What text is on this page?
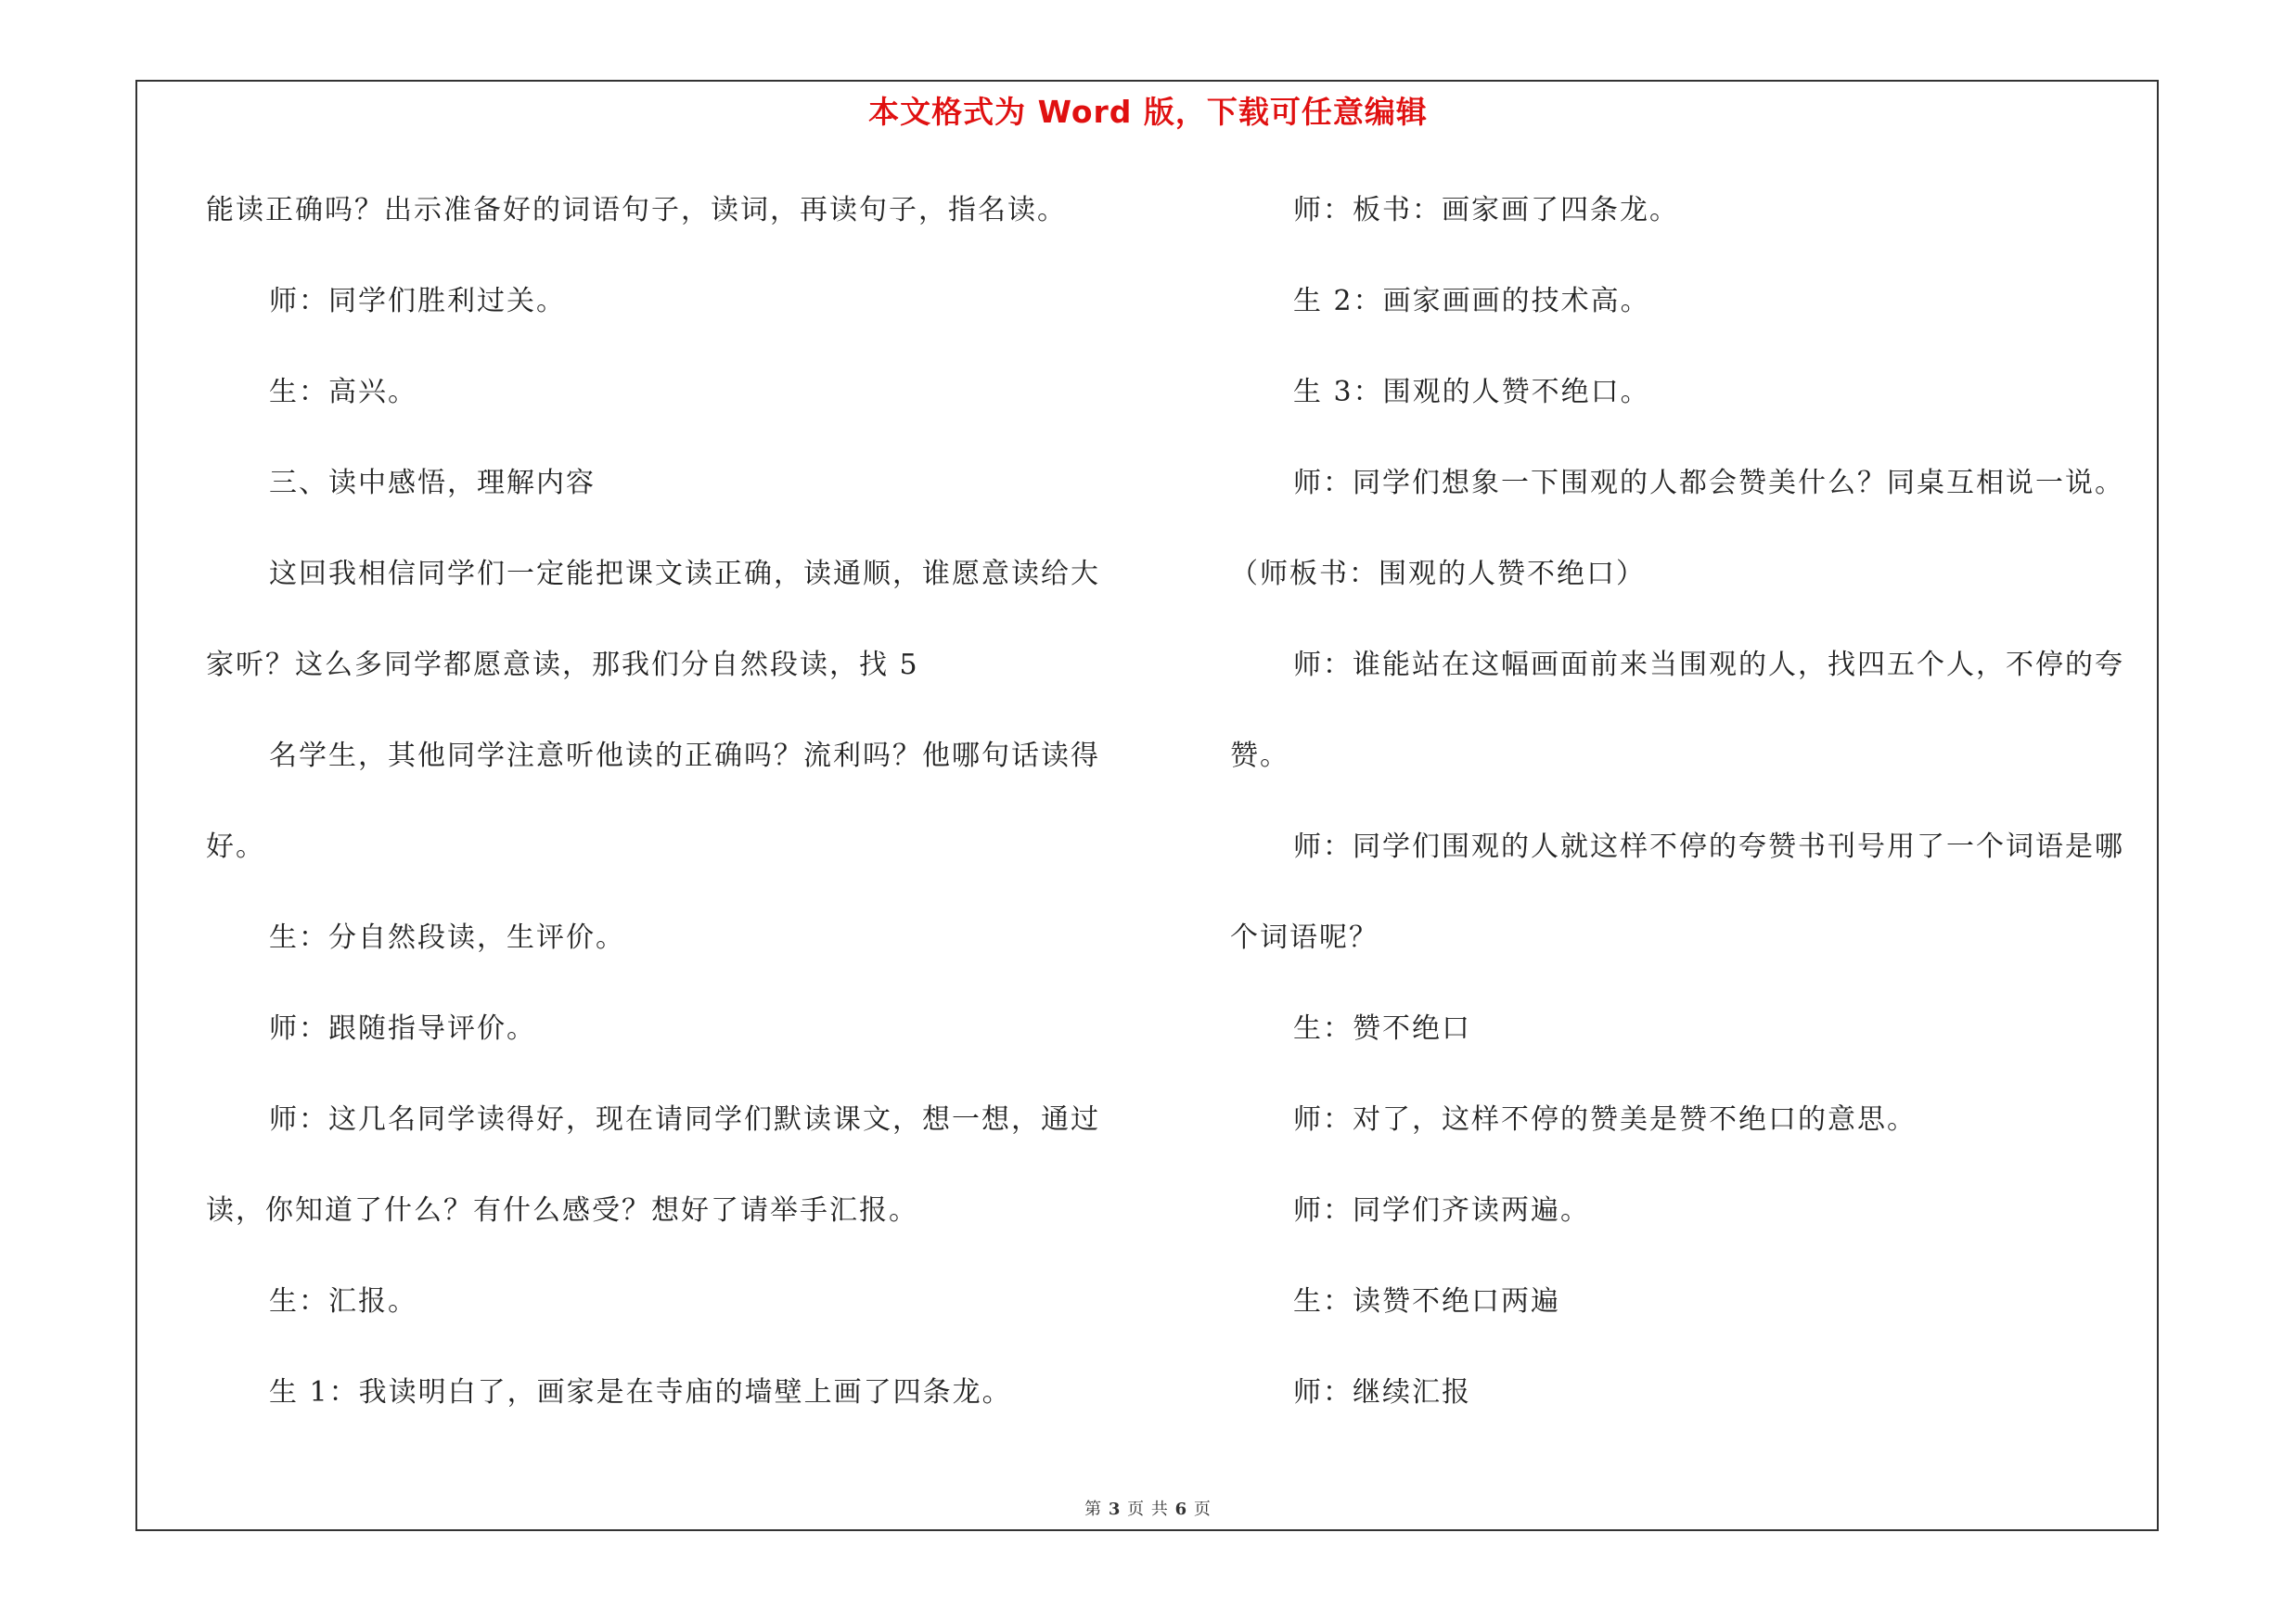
本文格式为 Word 版，下载可任意编辑
能读正确吗？出示准备好的词语句子，读词，再读句子，指名读。
师：同学们胜利过关。
生：高兴。
三、读中感悟，理解内容
这回我相信同学们一定能把课文读正确，读通顺，谁愿意读给大
家听？这么多同学都愿意读，那我们分自然段读，找 5
名学生，其他同学注意听他读的正确吗？流利吗？他哪句话读得
好。
生：分自然段读，生评价。
师：跟随指导评价。
师：这几名同学读得好，现在请同学们默读课文，想一想，通过
读，你知道了什么？有什么感受？想好了请举手汇报。
生：汇报。
生 1：我读明白了，画家是在寺庙的墙壁上画了四条龙。
师：板书：画家画了四条龙。
生 2：画家画画的技术高。
生 3：围观的人赞不绝口。
师：同学们想象一下围观的人都会赞美什么？同桌互相说一说。
（师板书：围观的人赞不绝口）
师：谁能站在这幅画面前来当围观的人，找四五个人，不停的夸
赞。
师：同学们围观的人就这样不停的夸赞书刊号用了一个词语是哪
个词语呢？
生：赞不绝口
师：对了，这样不停的赞美是赞不绝口的意思。
师：同学们齐读两遍。
生：读赞不绝口两遍
师：继续汇报
第 3 页 共 6 页
